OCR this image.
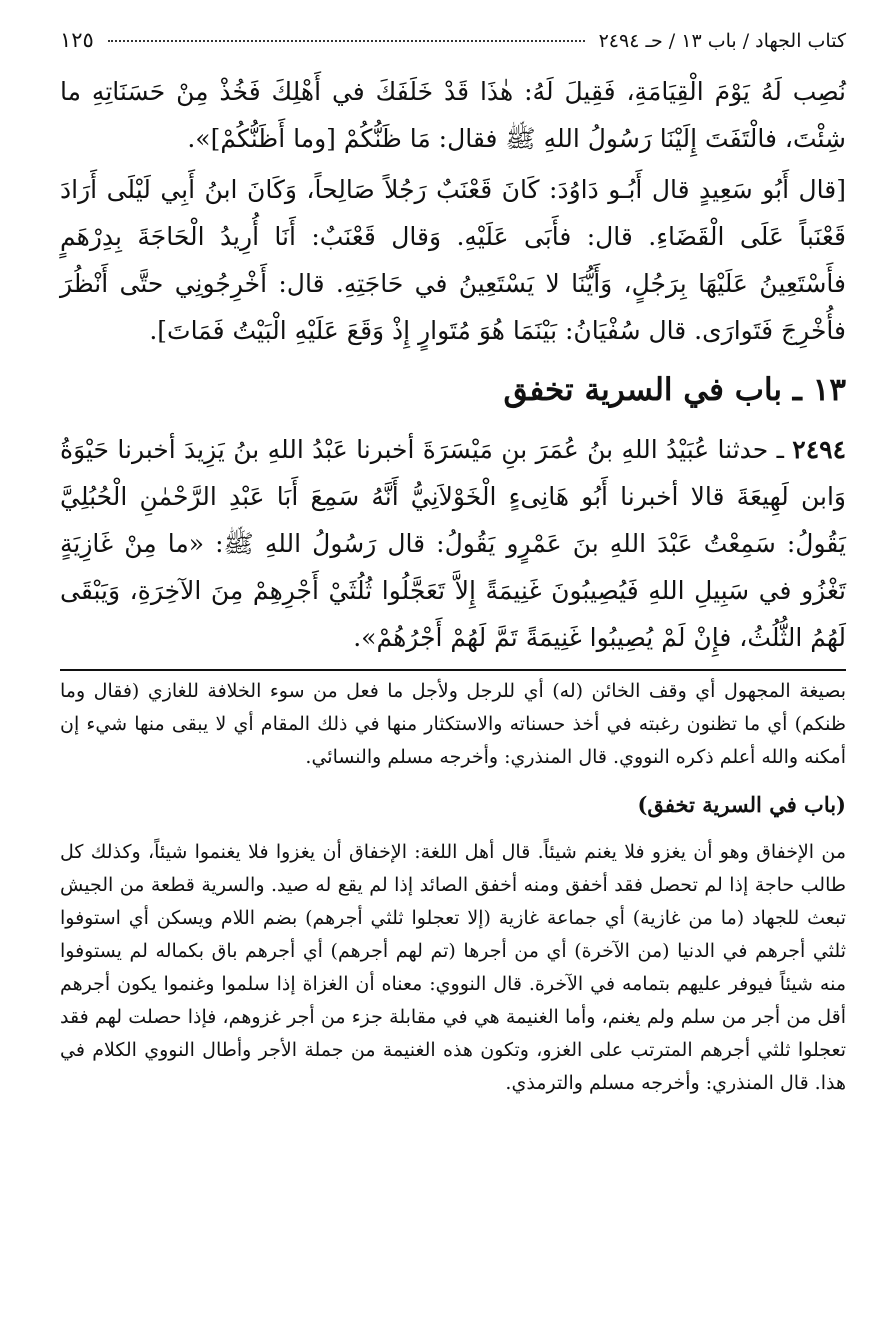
كتاب الجهاد / باب ١٣ / حـ ٢٤٩٤
١٢٥

نُصِب لَهُ يَوْمَ الْقِيَامَةِ، فَقِيلَ لَهُ: هٰذَا قَدْ خَلَفَكَ في أَهْلِكَ فَخُذْ مِنْ حَسَنَاتِهِ ما شِئْتَ، فالْتَفَتَ إِلَيْنَا رَسُولُ اللهِ ﷺ فقال: مَا ظَنُّكُمْ [وما أَظَنُّكُمْ]».

[قال أَبُو سَعِيدٍ قال أَبُـو دَاوُدَ: كَانَ قَعْنَبٌ رَجُلاً صَالِحاً، وَكَانَ ابنُ أَبِي لَيْلَى أَرَادَ قَعْنَباً عَلَى الْقَضَاءِ. قال: فأَبَى عَلَيْهِ. وَقال قَعْنَبٌ: أَنَا أُرِيدُ الْحَاجَةَ بِدِرْهَمٍ فأَسْتَعِينُ عَلَيْهَا بِرَجُلٍ، وَأَيُّنَا لا يَسْتَعِينُ في حَاجَتِهِ. قال: أَخْرِجُونِي حتَّى أَنْظُرَ فأُخْرِجَ فَتَوارَى. قال سُفْيَانُ: بَيْنَمَا هُوَ مُتَوارٍ إِذْ وَقَعَ عَلَيْهِ الْبَيْتُ فَمَاتَ].

١٣ ـ باب في السرية تخفق

٢٤٩٤ ـ حدثنا عُبَيْدُ اللهِ بنُ عُمَرَ بنِ مَيْسَرَةَ أخبرنا عَبْدُ اللهِ بنُ يَزِيدَ أخبرنا حَيْوَةُ وَابن لَهِيعَةَ قالا أخبرنا أَبُو هَانِىءٍ الْخَوْلاَنِيُّ أَنَّهُ سَمِعَ أَبَا عَبْدِ الرَّحْمٰنِ الْحُبُلِيَّ يَقُولُ: سَمِعْتُ عَبْدَ اللهِ بنَ عَمْرٍو يَقُولُ: قال رَسُولُ اللهِ ﷺ: «ما مِنْ غَازِيَةٍ تَغْزُو في سَبِيلِ اللهِ فَيُصِيبُونَ غَنِيمَةً إِلاَّ تَعَجَّلُوا ثُلُثَيْ أَجْرِهِمْ مِنَ الآخِرَةِ، وَيَبْقَى لَهُمُ الثُّلُثُ، فإِنْ لَمْ يُصِيبُوا غَنِيمَةً تَمَّ لَهُمْ أَجْرُهُمْ».

بصيغة المجهول أي وقف الخائن (له) أي للرجل ولأجل ما فعل من سوء الخلافة للغازي (فقال وما ظنكم) أي ما تظنون رغبته في أخذ حسناته والاستكثار منها في ذلك المقام أي لا يبقى منها شيء إن أمكنه والله أعلم ذكره النووي. قال المنذري: وأخرجه مسلم والنسائي.

(باب في السرية تخفق)

من الإخفاق وهو أن يغزو فلا يغنم شيئاً. قال أهل اللغة: الإخفاق أن يغزوا فلا يغنموا شيئاً، وكذلك كل طالب حاجة إذا لم تحصل فقد أخفق ومنه أخفق الصائد إذا لم يقع له صيد. والسرية قطعة من الجيش تبعث للجهاد (ما من غازية) أي جماعة غازية (إلا تعجلوا ثلثي أجرهم) بضم اللام ويسكن أي استوفوا ثلثي أجرهم في الدنيا (من الآخرة) أي من أجرها (تم لهم أجرهم) أي أجرهم باق بكماله لم يستوفوا منه شيئاً فيوفر عليهم بتمامه في الآخرة. قال النووي: معناه أن الغزاة إذا سلموا وغنموا يكون أجرهم أقل من أجر من سلم ولم يغنم، وأما الغنيمة هي في مقابلة جزء من أجر غزوهم، فإذا حصلت لهم فقد تعجلوا ثلثي أجرهم المترتب على الغزو، وتكون هذه الغنيمة من جملة الأجر وأطال النووي الكلام في هذا. قال المنذري: وأخرجه مسلم والترمذي.
